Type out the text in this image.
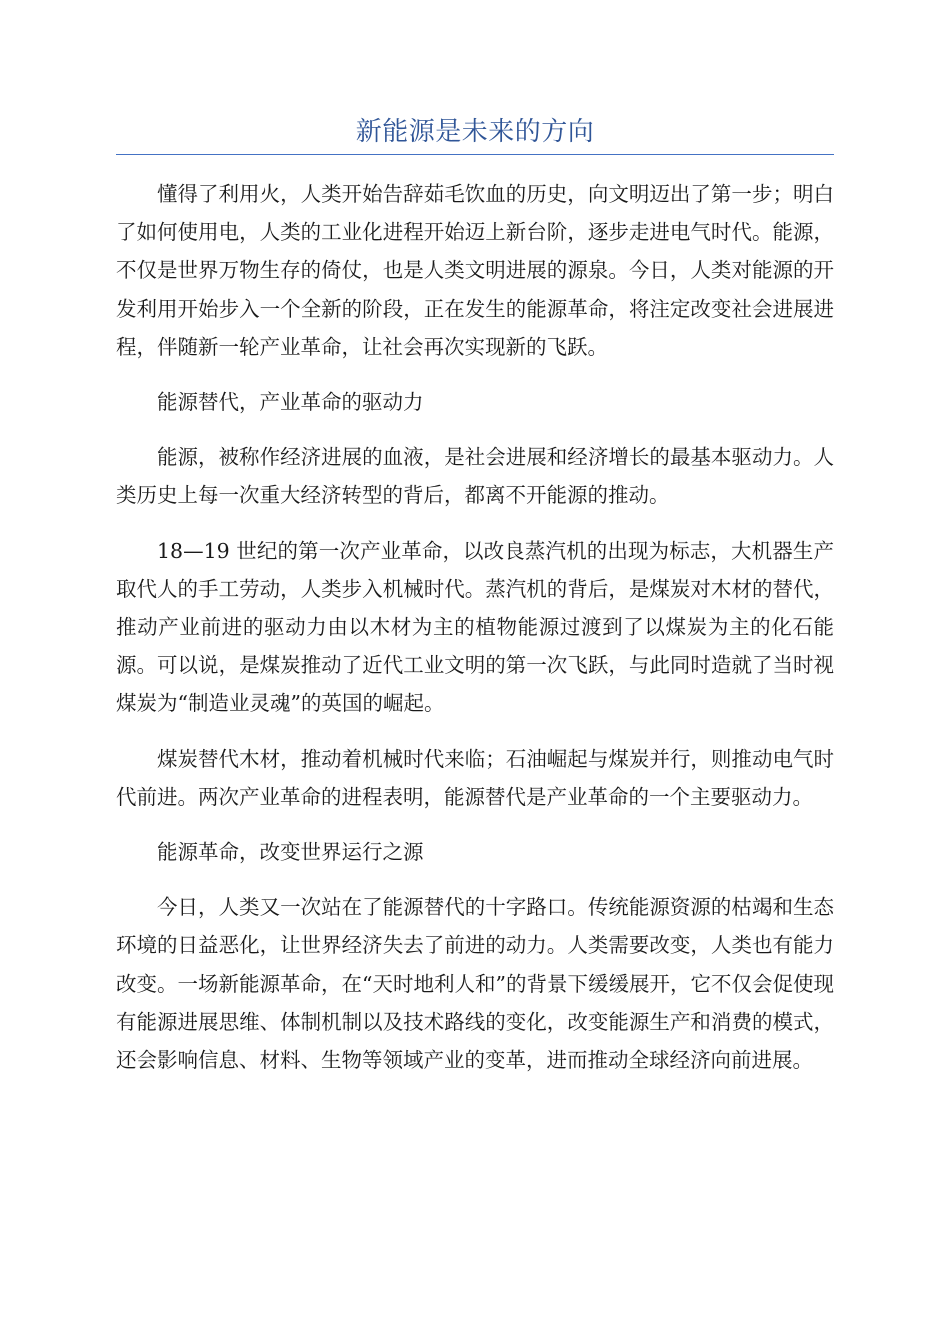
新能源是未来的方向

懂得了利用火，人类开始告辞茹毛饮血的历史，向文明迈出了第一步；明白了如何使用电，人类的工业化进程开始迈上新台阶，逐步走进电气时代。能源，不仅是世界万物生存的倚仗，也是人类文明进展的源泉。今日，人类对能源的开发利用开始步入一个全新的阶段，正在发生的能源革命，将注定改变社会进展进程，伴随新一轮产业革命，让社会再次实现新的飞跃。

能源替代，产业革命的驱动力

能源，被称作经济进展的血液，是社会进展和经济增长的最基本驱动力。人类历史上每一次重大经济转型的背后，都离不开能源的推动。

18—19 世纪的第一次产业革命，以改良蒸汽机的出现为标志，大机器生产取代人的手工劳动，人类步入机械时代。蒸汽机的背后，是煤炭对木材的替代，推动产业前进的驱动力由以木材为主的植物能源过渡到了以煤炭为主的化石能源。可以说，是煤炭推动了近代工业文明的第一次飞跃，与此同时造就了当时视煤炭为“制造业灵魂”的英国的崛起。

煤炭替代木材，推动着机械时代来临；石油崛起与煤炭并行，则推动电气时代前进。两次产业革命的进程表明，能源替代是产业革命的一个主要驱动力。

能源革命，改变世界运行之源

今日，人类又一次站在了能源替代的十字路口。传统能源资源的枯竭和生态环境的日益恶化，让世界经济失去了前进的动力。人类需要改变，人类也有能力改变。一场新能源革命，在“天时地利人和”的背景下缓缓展开，它不仅会促使现有能源进展思维、体制机制以及技术路线的变化，改变能源生产和消费的模式，还会影响信息、材料、生物等领域产业的变革，进而推动全球经济向前进展。
